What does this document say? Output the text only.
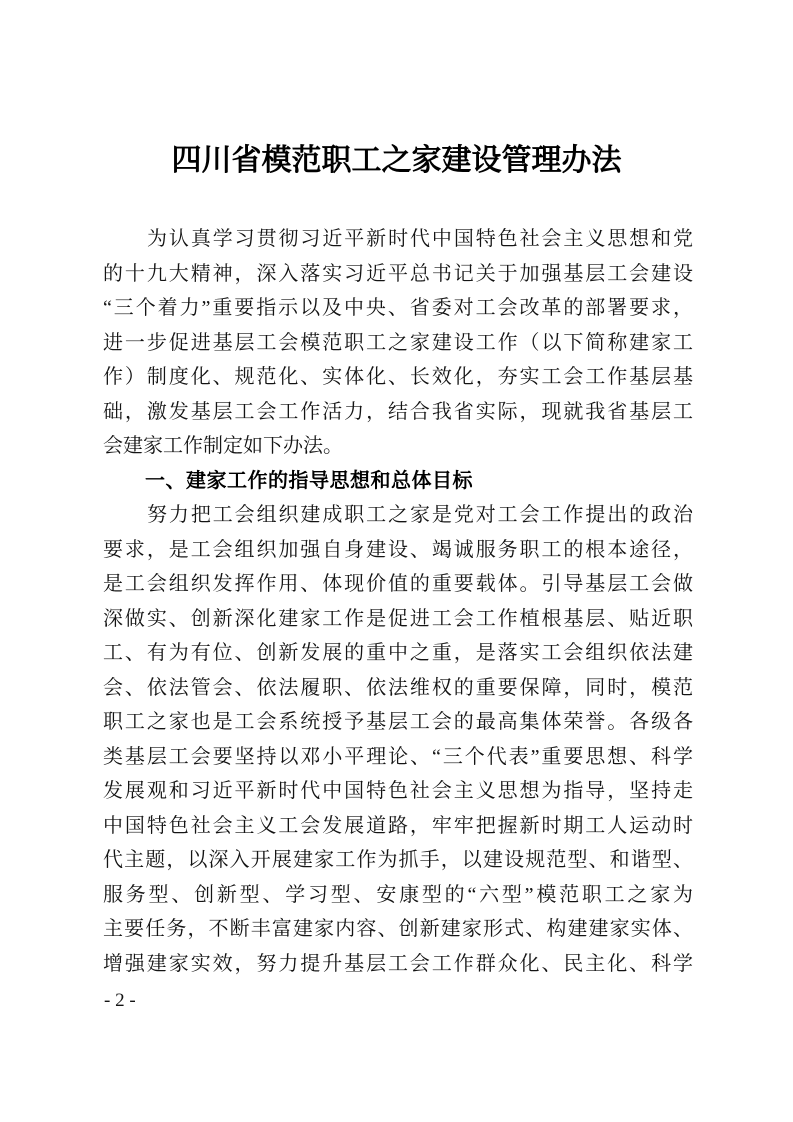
四川省模范职工之家建设管理办法
为认真学习贯彻习近平新时代中国特色社会主义思想和党
的十九大精神，深入落实习近平总书记关于加强基层工会建设
“三个着力”重要指示以及中央、省委对工会改革的部署要求，
进一步促进基层工会模范职工之家建设工作（以下简称建家工
作）制度化、规范化、实体化、长效化，夯实工会工作基层基
础，激发基层工会工作活力，结合我省实际，现就我省基层工
会建家工作制定如下办法。
一、建家工作的指导思想和总体目标
努力把工会组织建成职工之家是党对工会工作提出的政治
要求，是工会组织加强自身建设、竭诚服务职工的根本途径，
是工会组织发挥作用、体现价值的重要载体。引导基层工会做
深做实、创新深化建家工作是促进工会工作植根基层、贴近职
工、有为有位、创新发展的重中之重，是落实工会组织依法建
会、依法管会、依法履职、依法维权的重要保障，同时，模范
职工之家也是工会系统授予基层工会的最高集体荣誉。各级各
类基层工会要坚持以邓小平理论、“三个代表”重要思想、科学
发展观和习近平新时代中国特色社会主义思想为指导，坚持走
中国特色社会主义工会发展道路，牢牢把握新时期工人运动时
代主题，以深入开展建家工作为抓手，以建设规范型、和谐型、
服务型、创新型、学习型、安康型的“六型”模范职工之家为
主要任务，不断丰富建家内容、创新建家形式、构建建家实体、
增强建家实效，努力提升基层工会工作群众化、民主化、科学
- 2 -
